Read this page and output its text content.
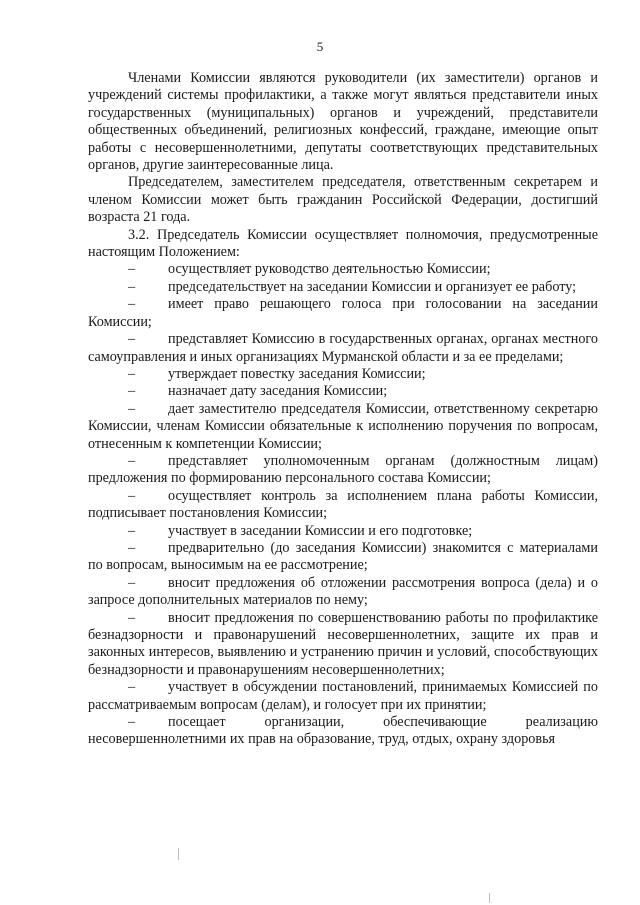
5

Членами Комиссии являются руководители (их заместители) органов и учреждений системы профилактики, а также могут являться представители иных государственных (муниципальных) органов и учреждений, представители общественных объединений, религиозных конфессий, граждане, имеющие опыт работы с несовершеннолетними, депутаты соответствующих представительных органов, другие заинтересованные лица.

Председателем, заместителем председателя, ответственным секретарем и членом Комиссии может быть гражданин Российской Федерации, достигший возраста 21 года.

3.2. Председатель Комиссии осуществляет полномочия, предусмотренные настоящим Положением:

– осуществляет руководство деятельностью Комиссии;

– председательствует на заседании Комиссии и организует ее работу;

– имеет право решающего голоса при голосовании на заседании Комиссии;

– представляет Комиссию в государственных органах, органах местного самоуправления и иных организациях Мурманской области и за ее пределами;

– утверждает повестку заседания Комиссии;

– назначает дату заседания Комиссии;

– дает заместителю председателя Комиссии, ответственному секретарю Комиссии, членам Комиссии обязательные к исполнению поручения по вопросам, отнесенным к компетенции Комиссии;

– представляет уполномоченным органам (должностным лицам) предложения по формированию персонального состава Комиссии;

– осуществляет контроль за исполнением плана работы Комиссии, подписывает постановления Комиссии;

– участвует в заседании Комиссии и его подготовке;

– предварительно (до заседания Комиссии) знакомится с материалами по вопросам, выносимым на ее рассмотрение;

– вносит предложения об отложении рассмотрения вопроса (дела) и о запросе дополнительных материалов по нему;

– вносит предложения по совершенствованию работы по профилактике безнадзорности и правонарушений несовершеннолетних, защите их прав и законных интересов, выявлению и устранению причин и условий, способствующих безнадзорности и правонарушениям несовершеннолетних;

– участвует в обсуждении постановлений, принимаемых Комиссией по рассматриваемым вопросам (делам), и голосует при их принятии;

– посещает организации, обеспечивающие реализацию несовершеннолетними их прав на образование, труд, отдых, охрану здоровья
